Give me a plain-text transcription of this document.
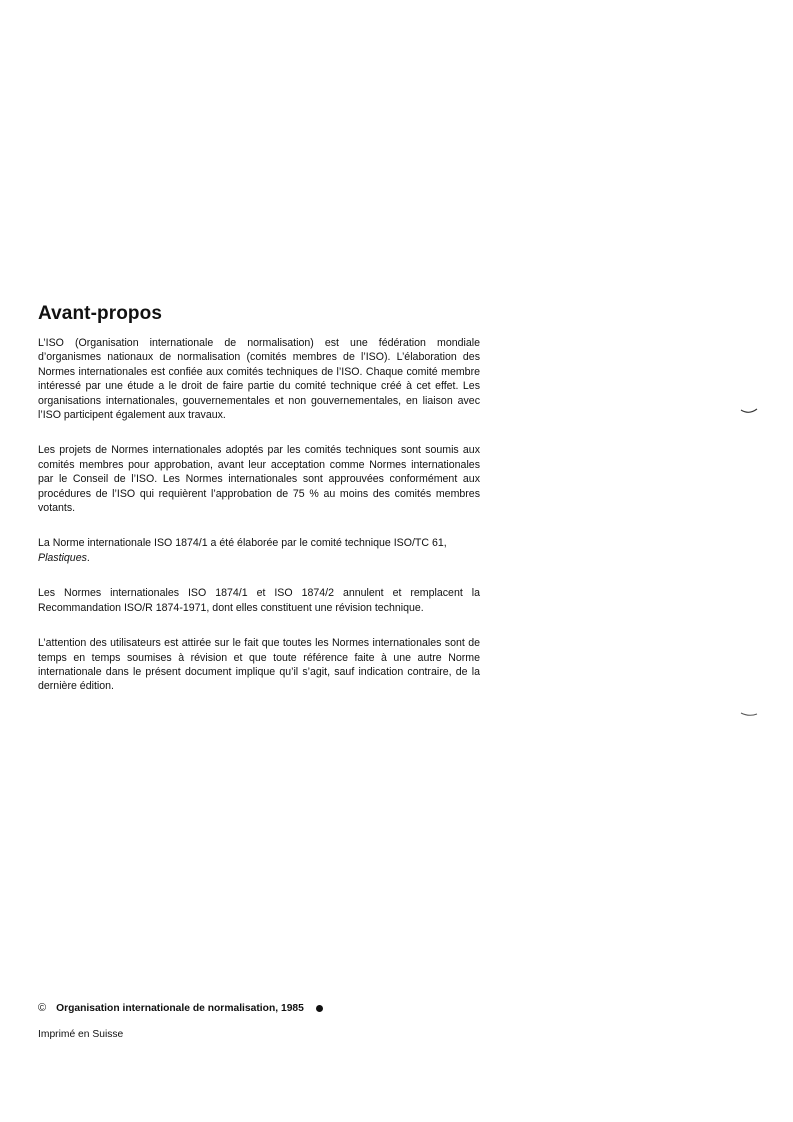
Avant-propos

L’ISO (Organisation internationale de normalisation) est une fédération mondiale d’organismes nationaux de normalisation (comités membres de l’ISO). L’élaboration des Normes internationales est confiée aux comités techniques de l’ISO. Chaque comité membre intéressé par une étude a le droit de faire partie du comité technique créé à cet effet. Les organisations internationales, gouvernementales et non gouvernementales, en liaison avec l’ISO participent également aux travaux.

Les projets de Normes internationales adoptés par les comités techniques sont soumis aux comités membres pour approbation, avant leur acceptation comme Normes internationales par le Conseil de l’ISO. Les Normes internationales sont approuvées conformément aux procédures de l’ISO qui requièrent l’approbation de 75 % au moins des comités membres votants.

La Norme internationale ISO 1874/1 a été élaborée par le comité technique ISO/TC 61,
Plastiques.

Les Normes internationales ISO 1874/1 et ISO 1874/2 annulent et remplacent la Recommandation ISO/R 1874-1971, dont elles constituent une révision technique.

L’attention des utilisateurs est attirée sur le fait que toutes les Normes internationales sont de temps en temps soumises à révision et que toute référence faite à une autre Norme internationale dans le présent document implique qu’il s’agit, sauf indication contraire, de la dernière édition.

© Organisation internationale de normalisation, 1985
Imprimé en Suisse
